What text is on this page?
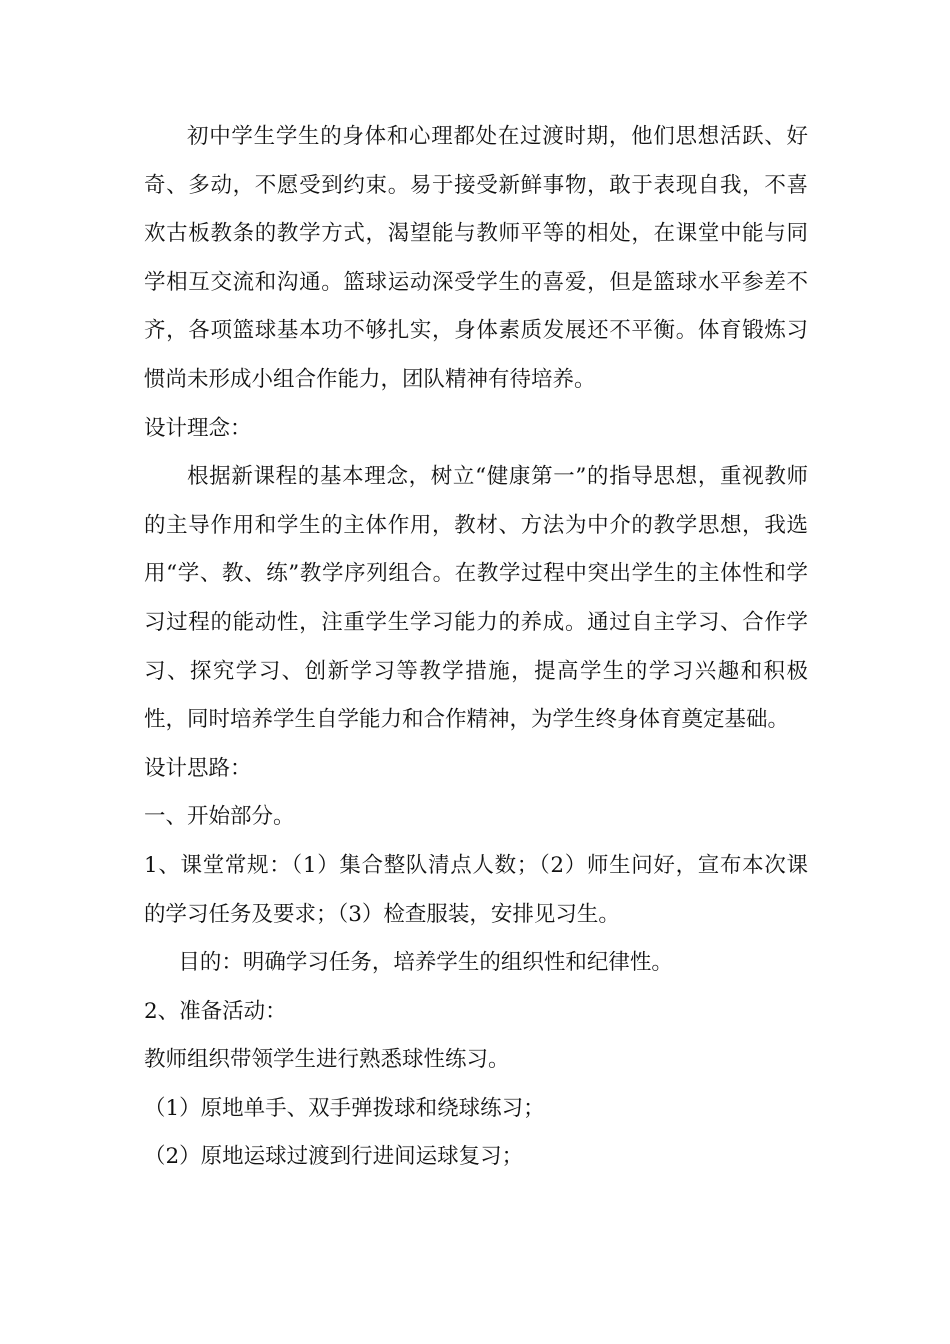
初中学生学生的身体和心理都处在过渡时期，他们思想活跃、好奇、多动，不愿受到约束。易于接受新鲜事物，敢于表现自我，不喜欢古板教条的教学方式，渴望能与教师平等的相处，在课堂中能与同学相互交流和沟通。篮球运动深受学生的喜爱，但是篮球水平参差不齐，各项篮球基本功不够扎实，身体素质发展还不平衡。体育锻炼习惯尚未形成小组合作能力，团队精神有待培养。

设计理念：

根据新课程的基本理念，树立“健康第一”的指导思想，重视教师的主导作用和学生的主体作用，教材、方法为中介的教学思想，我选用“学、教、练”教学序列组合。在教学过程中突出学生的主体性和学习过程的能动性，注重学生学习能力的养成。通过自主学习、合作学习、探究学习、创新学习等教学措施，提高学生的学习兴趣和积极性，同时培养学生自学能力和合作精神，为学生终身体育奠定基础。

设计思路：

一、开始部分。

1、课堂常规：（1）集合整队清点人数；（2）师生问好，宣布本次课的学习任务及要求；（3）检查服装，安排见习生。

目的：明确学习任务，培养学生的组织性和纪律性。

2、准备活动：

教师组织带领学生进行熟悉球性练习。

（1）原地单手、双手弹拨球和绕球练习；

（2）原地运球过渡到行进间运球复习；
